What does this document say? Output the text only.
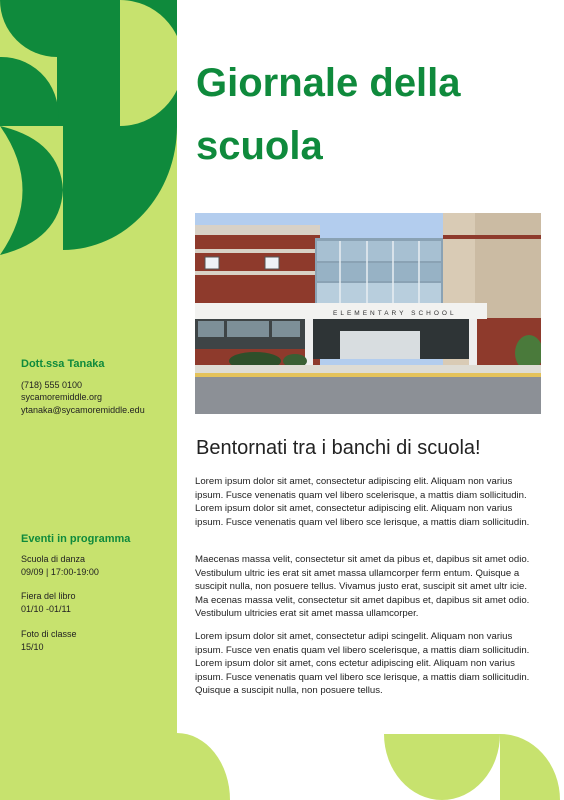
Dott.ssa Tanaka
(718) 555 0100
sycamoremiddle.org
ytanaka@sycamoremiddle.edu
Eventi in programma
Scuola di danza
09/09 | 17:00-19:00
Fiera del libro
01/10 -01/11
Foto di classe
15/10
Giornale della scuola
ELEMENTARY SCHOOL
Bentornati tra i banchi di scuola!

Lorem ipsum dolor sit amet, consectetur adipiscing elit. Aliquam non varius ipsum. Fusce venenatis quam vel libero scelerisque, a mattis diam sollicitudin. Lorem ipsum dolor sit amet, consectetur adipiscing elit. Aliquam non varius ipsum. Fusce venenatis quam vel libero sce lerisque, a mattis diam sollicitudin.

Maecenas massa velit, consectetur sit amet da pibus et, dapibus sit amet odio. Vestibulum ultric ies erat sit amet massa ullamcorper ferm entum. Quisque a suscipit nulla, non posuere tellus. Vivamus justo erat, suscipit sit amet ultr icie. Ma ecenas massa velit, consectetur sit amet dapibus et, dapibus sit amet odio. Vestibulum ultricies erat sit amet massa ullamcorper.

Lorem ipsum dolor sit amet, consectetur adipi scingelit. Aliquam non varius ipsum. Fusce ven enatis quam vel libero scelerisque, a mattis diam sollicitudin. Lorem ipsum dolor sit amet, cons ectetur adipiscing elit. Aliquam non varius ipsum. Fusce venenatis quam vel libero sce lerisque, a mattis diam sollicitudin. Quisque a suscipit nulla, non posuere tellus.
